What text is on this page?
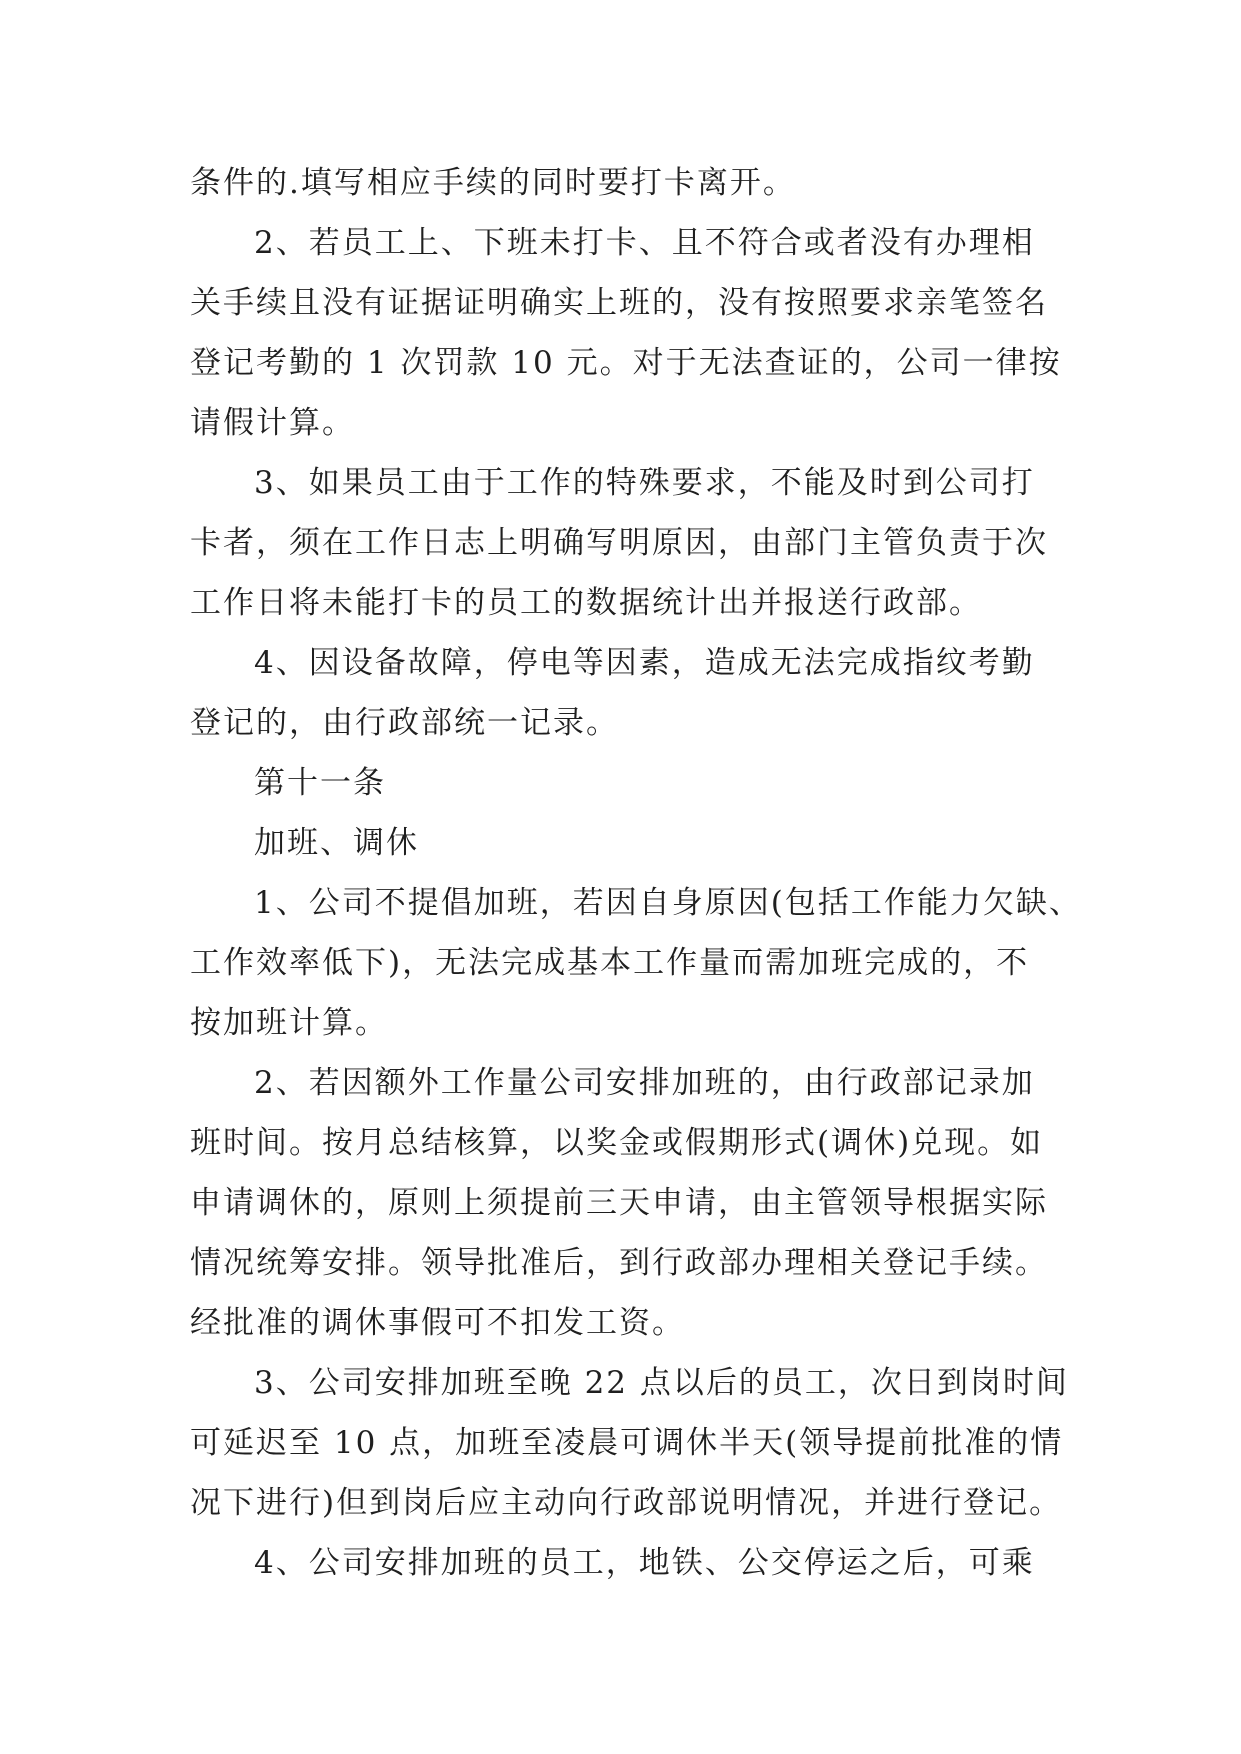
条件的.填写相应手续的同时要打卡离开。
2、若员工上、下班未打卡、且不符合或者没有办理相
关手续且没有证据证明确实上班的，没有按照要求亲笔签名
登记考勤的 1 次罚款 10 元。对于无法查证的，公司一律按
请假计算。
3、如果员工由于工作的特殊要求，不能及时到公司打
卡者，须在工作日志上明确写明原因，由部门主管负责于次
工作日将未能打卡的员工的数据统计出并报送行政部。
4、因设备故障，停电等因素，造成无法完成指纹考勤
登记的，由行政部统一记录。
第十一条
加班、调休
1、公司不提倡加班，若因自身原因(包括工作能力欠缺、
工作效率低下)，无法完成基本工作量而需加班完成的，不
按加班计算。
2、若因额外工作量公司安排加班的，由行政部记录加
班时间。按月总结核算，以奖金或假期形式(调休)兑现。如
申请调休的，原则上须提前三天申请，由主管领导根据实际
情况统筹安排。领导批准后，到行政部办理相关登记手续。
经批准的调休事假可不扣发工资。
3、公司安排加班至晚 22 点以后的员工，次日到岗时间
可延迟至 10 点，加班至凌晨可调休半天(领导提前批准的情
况下进行)但到岗后应主动向行政部说明情况，并进行登记。
4、公司安排加班的员工，地铁、公交停运之后，可乘
